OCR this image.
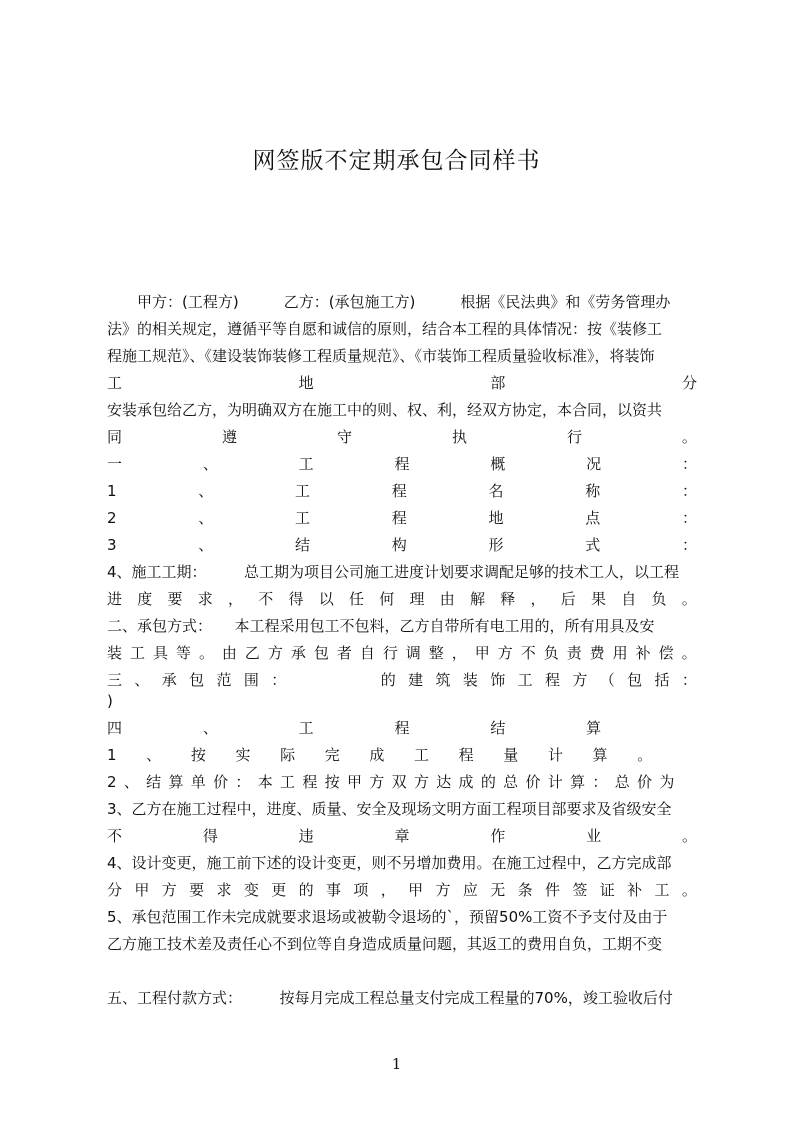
网签版不定期承包合同样书
　　甲方：(工程方)　　　乙方：(承包施工方)　　　根据《民法典》和《劳务管理办
法》的相关规定，遵循平等自愿和诚信的原则，结合本工程的具体情况：按《装修工
程施工规范》、《建设装饰装修工程质量规范》、《市装饰工程质量验收标准》，将装饰
工	地	部	分
安装承包给乙方，为明确双方在施工中的则、权、利，经双方协定，本合同，以资共
同	遵	守	执	行	。
一	、	工	程	概	况	：
1	、	工	程	名	称	：
2	、	工	程	地	点	：
3	、	结	构	形	式	：
4、施工工期：　　　总工期为项目公司施工进度计划要求调配足够的技术工人，以工程
进 度 要 求 ， 不 得 以 任 何 理 由 解 释 ， 后 果 自 负 。
二、承包方式：　　本工程采用包工不包料，乙方自带所有电工用的，所有用具及安
装 工 具 等 。 由 乙 方 承 包 者 自 行 调 整 ， 甲 方 不 负 责 费 用 补 偿 。
三 、 承 包 范 围 ：

　	的 建 筑 装 饰 工 程 方 （ 包 括 ：
)
四	、	工	程	结	算

1 、 按 实 际 完 成 工 程 量 计 算 。

2 、 结 算 单 价 ： 本 工 程 按 甲 方 双 方 达 成 的 总 价 计 算 ： 总 价 为

3、乙方在施工过程中，进度、质量、安全及现场文明方面工程项目部要求及省级安全
不	得	违	章	作	业	。
4、设计变更，施工前下述的设计变更，则不另增加费用。在施工过程中，乙方完成部
分 甲 方 要 求 变 更 的 事 项 ， 甲 方 应 无 条 件 签 证 补 工 。
5、承包范围工作未完成就要求退场或被勒令退场的`，预留50%工资不予支付及由于
乙方施工技术差及责任心不到位等自身造成质量问题，其返工的费用自负，工期不变
五、工程付款方式：　　　按每月完成工程总量支付完成工程量的70%，竣工验收后付
1
